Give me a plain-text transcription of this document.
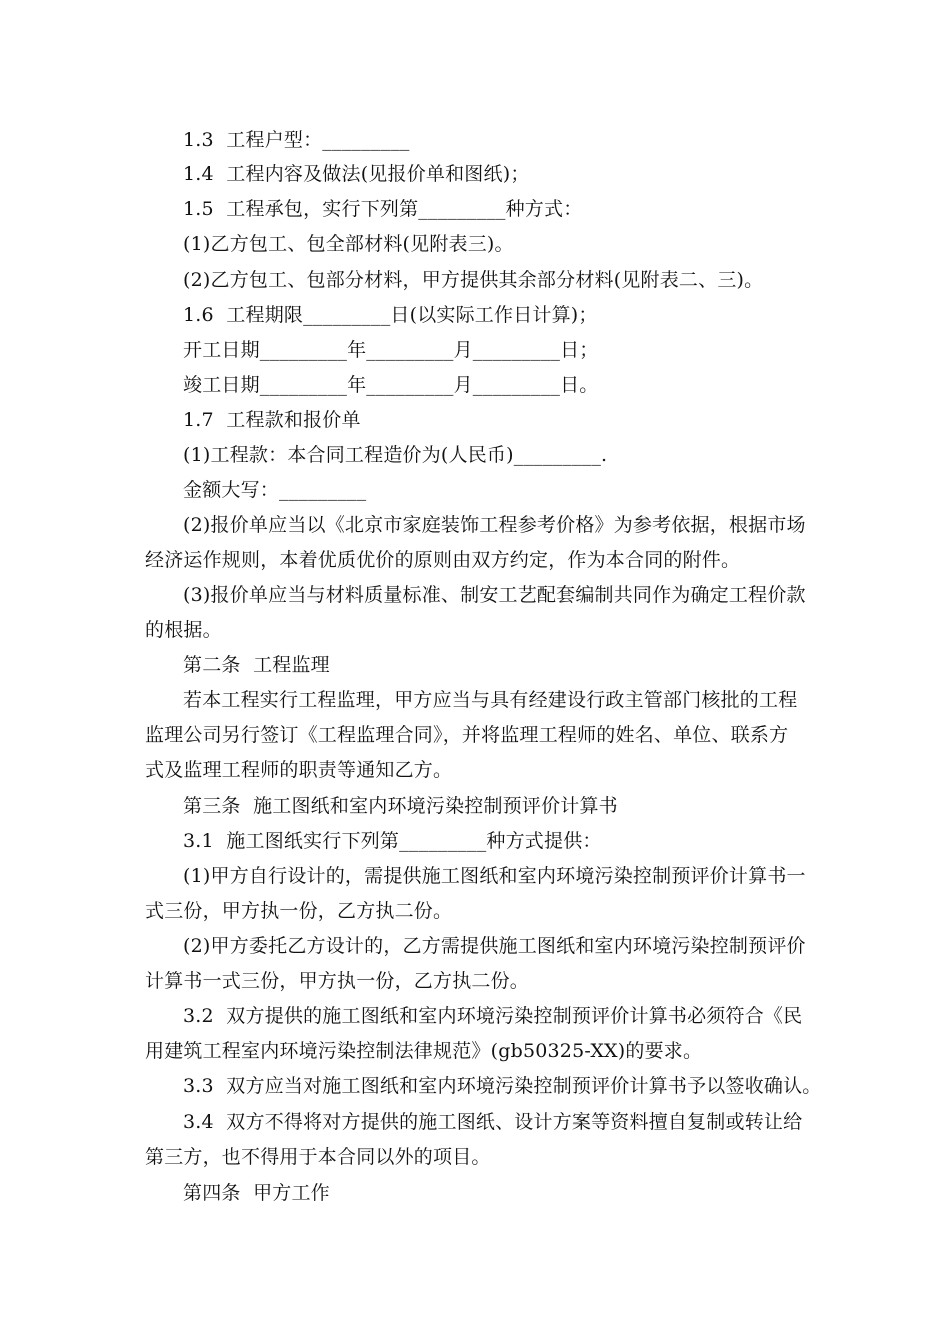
1.3  工程户型：_________
1.4  工程内容及做法(见报价单和图纸)；
1.5  工程承包，实行下列第_________种方式：
(1)乙方包工、包全部材料(见附表三)。
(2)乙方包工、包部分材料，甲方提供其余部分材料(见附表二、三)。
1.6  工程期限_________日(以实际工作日计算)；
开工日期_________年_________月_________日；
竣工日期_________年_________月_________日。
1.7  工程款和报价单
(1)工程款：本合同工程造价为(人民币)_________.
金额大写：_________
(2)报价单应当以《北京市家庭装饰工程参考价格》为参考依据，根据市场
经济运作规则，本着优质优价的原则由双方约定，作为本合同的附件。
(3)报价单应当与材料质量标准、制安工艺配套编制共同作为确定工程价款
的根据。
第二条  工程监理
若本工程实行工程监理，甲方应当与具有经建设行政主管部门核批的工程
监理公司另行签订《工程监理合同》，并将监理工程师的姓名、单位、联系方
式及监理工程师的职责等通知乙方。
第三条  施工图纸和室内环境污染控制预评价计算书
3.1  施工图纸实行下列第_________种方式提供：
(1)甲方自行设计的，需提供施工图纸和室内环境污染控制预评价计算书一
式三份，甲方执一份，乙方执二份。
(2)甲方委托乙方设计的，乙方需提供施工图纸和室内环境污染控制预评价
计算书一式三份，甲方执一份，乙方执二份。
3.2  双方提供的施工图纸和室内环境污染控制预评价计算书必须符合《民
用建筑工程室内环境污染控制法律规范》(gb50325-XX)的要求。
3.3  双方应当对施工图纸和室内环境污染控制预评价计算书予以签收确认。
3.4  双方不得将对方提供的施工图纸、设计方案等资料擅自复制或转让给
第三方，也不得用于本合同以外的项目。
第四条  甲方工作
